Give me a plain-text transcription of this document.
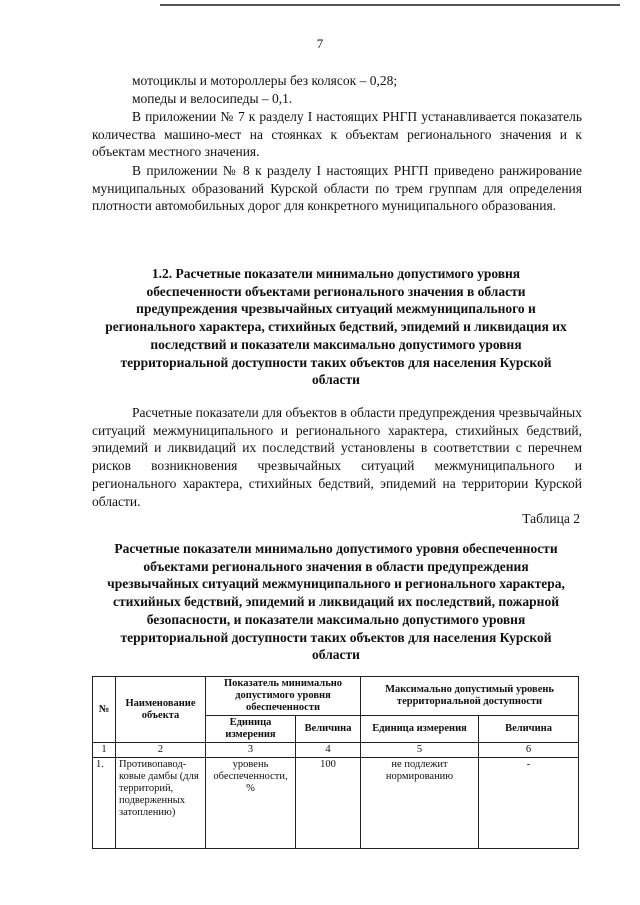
7
мотоциклы и мотороллеры без колясок – 0,28;
мопеды и велосипеды – 0,1.
В приложении № 7 к разделу I настоящих РНГП устанавливается показатель количества машино-мест на стоянках к объектам регионального значения и к объектам местного значения.
В приложении № 8 к разделу I настоящих РНГП приведено ранжирование муниципальных образований Курской области по трем группам для определения плотности автомобильных дорог для конкретного муниципального образования.
1.2. Расчетные показатели минимально допустимого уровня обеспеченности объектами регионального значения в области предупреждения чрезвычайных ситуаций межмуниципального и регионального характера, стихийных бедствий, эпидемий и ликвидация их последствий и показатели максимально допустимого уровня территориальной доступности таких объектов для населения Курской области
Расчетные показатели для объектов в области предупреждения чрезвычайных ситуаций межмуниципального и регионального характера, стихийных бедствий, эпидемий и ликвидаций их последствий установлены в соответствии с перечнем рисков возникновения чрезвычайных ситуаций межмуниципального и регионального характера, стихийных бедствий, эпидемий на территории Курской области.
Таблица 2
Расчетные показатели минимально допустимого уровня обеспеченности объектами регионального значения в области предупреждения чрезвычайных ситуаций межмуниципального и регионального характера, стихийных бедствий, эпидемий и ликвидаций их последствий, пожарной безопасности, и показатели максимально допустимого уровня территориальной доступности таких объектов для населения Курской области
№	Наименование объекта	Показатель минимально допустимого уровня обеспеченности		Максимально допустимый уровень территориальной доступности	
		Единица измерения	Величина	Единица измерения	Величина
1	2	3	4	5	6
1.	Противопавод-ковые дамбы (для территорий, подверженных затоплению)	уровень обеспеченности, %	100	не подлежит нормированию	-
